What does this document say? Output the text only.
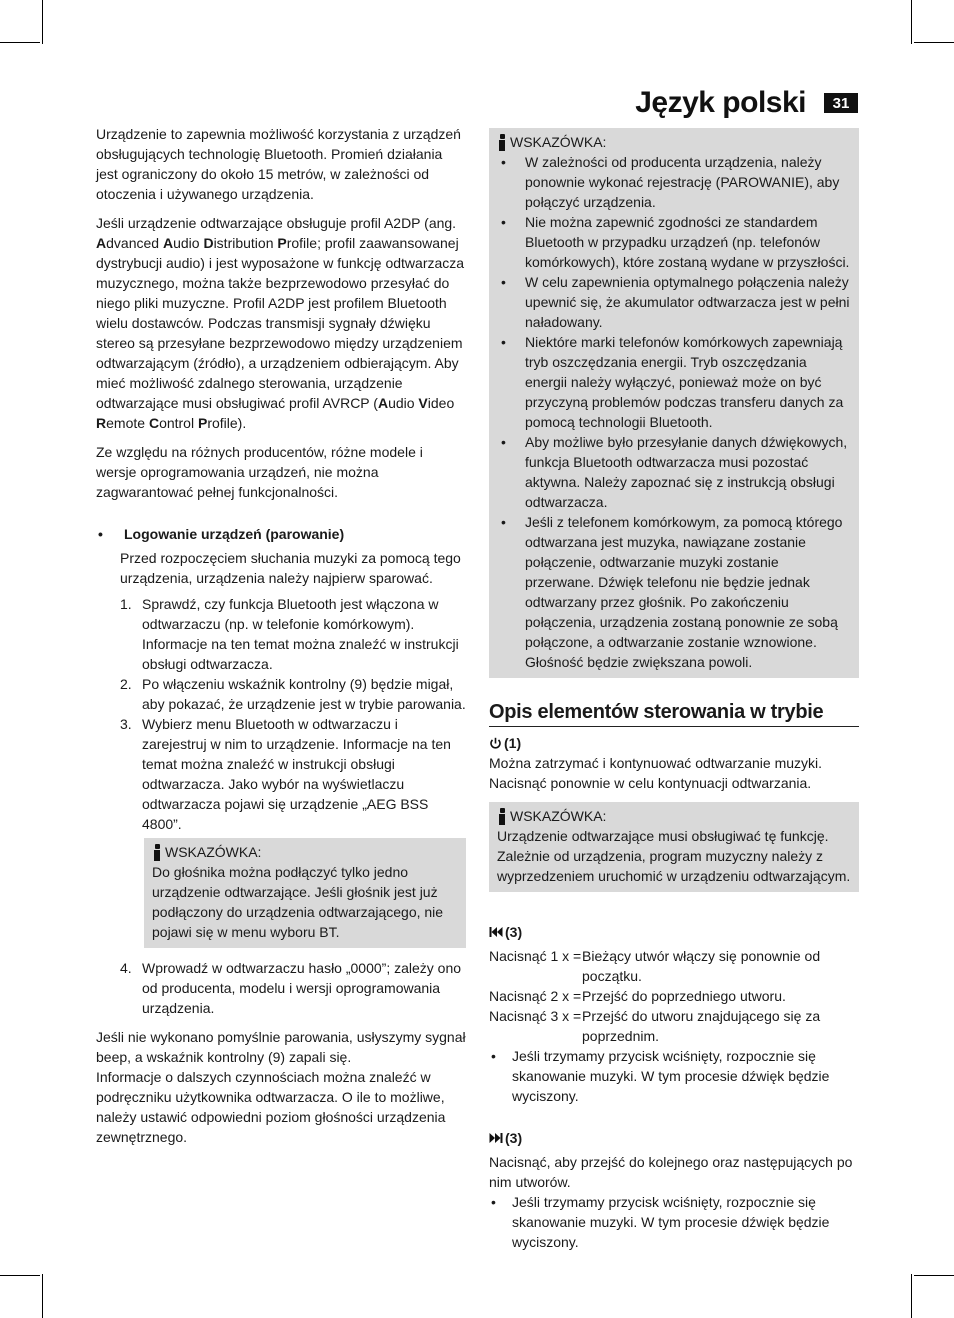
Język polski	31

Urządzenie to zapewnia możliwość korzystania z urządzeń obsługujących technologię Bluetooth. Promień działania jest ograniczony do około 15 metrów, w zależności od otoczenia i używanego urządzenia.

Jeśli urządzenie odtwarzające obsługuje profil A2DP (ang. Advanced Audio Distribution Profile; profil zaawansowanej dystrybucji audio) i jest wyposażone w funkcję odtwarzacza muzycznego, można także bezprzewodowo przesyłać do niego pliki muzyczne. Profil A2DP jest profilem Bluetooth wielu dostawców. Podczas transmisji sygnały dźwięku stereo są przesyłane bezprzewodowo między urządzeniem odtwarzającym (źródło), a urządzeniem odbierającym. Aby mieć możliwość zdalnego sterowania, urządzenie odtwarzające musi obsługiwać profil AVRCP (Audio Video Remote Control Profile).

Ze względu na różnych producentów, różne modele i wersje oprogramowania urządzeń, nie można zagwarantować pełnej funkcjonalności.

• Logowanie urządzeń (parowanie)

Przed rozpoczęciem słuchania muzyki za pomocą tego urządzenia, urządzenia należy najpierw sparować.

1. Sprawdź, czy funkcja Bluetooth jest włączona w odtwarzaczu (np. w telefonie komórkowym). Informacje na ten temat można znaleźć w instrukcji obsługi odtwarzacza.
2. Po włączeniu wskaźnik kontrolny (9) będzie migał, aby pokazać, że urządzenie jest w trybie parowania.
3. Wybierz menu Bluetooth w odtwarzaczu i zarejestruj w nim to urządzenie. Informacje na ten temat można znaleźć w instrukcji obsługi odtwarzacza. Jako wybór na wyświetlaczu odtwarzacza pojawi się urządzenie „AEG BSS 4800”.
WSKAZÓWKA:
Do głośnika można podłączyć tylko jedno urządzenie odtwarzające. Jeśli głośnik jest już podłączony do urządzenia odtwarzającego, nie pojawi się w menu wyboru BT.
4. Wprowadź w odtwarzaczu hasło „0000”; zależy ono od producenta, modelu i wersji oprogramowania urządzenia.
Jeśli nie wykonano pomyślnie parowania, usłyszymy sygnał beep, a wskaźnik kontrolny (9) zapali się.
Informacje o dalszych czynnościach można znaleźć w podręczniku użytkownika odtwarzacza. O ile to możliwe, należy ustawić odpowiedni poziom głośności urządzenia zewnętrznego.
WSKAZÓWKA:
• W zależności od producenta urządzenia, należy ponownie wykonać rejestrację (PAROWANIE), aby połączyć urządzenia.
• Nie można zapewnić zgodności ze standardem Bluetooth w przypadku urządzeń (np. telefonów komórkowych), które zostaną wydane w przyszłości.
• W celu zapewnienia optymalnego połączenia należy upewnić się, że akumulator odtwarzacza jest w pełni naładowany.
• Niektóre marki telefonów komórkowych zapewniają tryb oszczędzania energii. Tryb oszczędzania energii należy wyłączyć, ponieważ może on być przyczyną problemów podczas transferu danych za pomocą technologii Bluetooth.
• Aby możliwe było przesyłanie danych dźwiękowych, funkcja Bluetooth odtwarzacza musi pozostać aktywna. Należy zapoznać się z instrukcją obsługi odtwarzacza.
• Jeśli z telefonem komórkowym, za pomocą którego odtwarzana jest muzyka, nawiązane zostanie połączenie, odtwarzanie muzyki zostanie przerwane. Dźwięk telefonu nie będzie jednak odtwarzany przez głośnik. Po zakończeniu połączenia, urządzenia zostaną ponownie ze sobą połączone, a odtwarzanie zostanie wznowione. Głośność będzie zwiększana powoli.
Opis elementów sterowania w trybie
(1)

Można zatrzymać i kontynuować odtwarzanie muzyki. Nacisnąć ponownie w celu kontynuacji odtwarzania.

WSKAZÓWKA:
Urządzenie odtwarzające musi obsługiwać tę funkcję. Zależnie od urządzenia, program muzyczny należy z wyprzedzeniem uruchomić w urządzeniu odtwarzającym.
(3)
Nacisnąć 1 x = Bieżący utwór włączy się ponownie od początku.
Nacisnąć 2 x = Przejść do poprzedniego utworu.
Nacisnąć 3 x = Przejść do utworu znajdującego się za poprzednim.
• Jeśli trzymamy przycisk wciśnięty, rozpocznie się skanowanie muzyki. W tym procesie dźwięk będzie wyciszony.
(3)
Nacisnąć, aby przejść do kolejnego oraz następujących po nim utworów.
• Jeśli trzymamy przycisk wciśnięty, rozpocznie się skanowanie muzyki. W tym procesie dźwięk będzie wyciszony.
